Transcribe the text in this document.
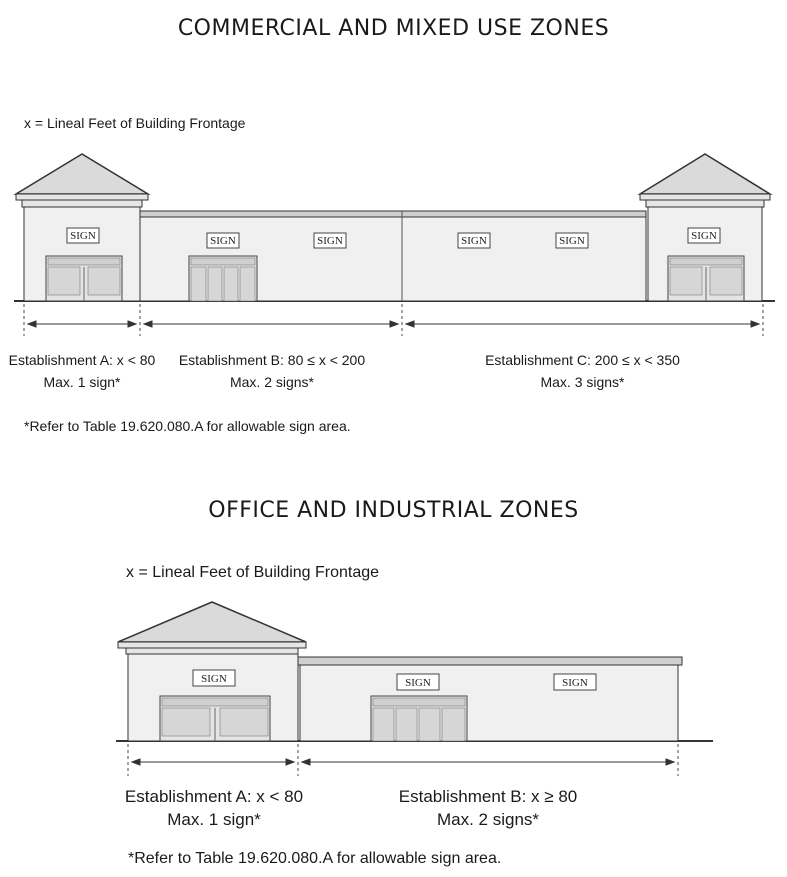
COMMERCIAL AND MIXED USE ZONES
x = Lineal Feet of Building Frontage
SIGN	SIGN	SIGN	SIGN	SIGN	SIGN
Establishment A: x < 80
Max. 1 sign*
Establishment B: 80 ≤ x < 200
Max. 2 signs*
Establishment C: 200 ≤ x < 350
Max. 3 signs*
*Refer to Table 19.620.080.A for allowable sign area.
OFFICE AND INDUSTRIAL ZONES
x = Lineal Feet of Building Frontage
SIGN	SIGN	SIGN
Establishment A: x < 80
Max. 1 sign*
Establishment B: x ≥ 80
Max. 2 signs*
*Refer to Table 19.620.080.A for allowable sign area.
